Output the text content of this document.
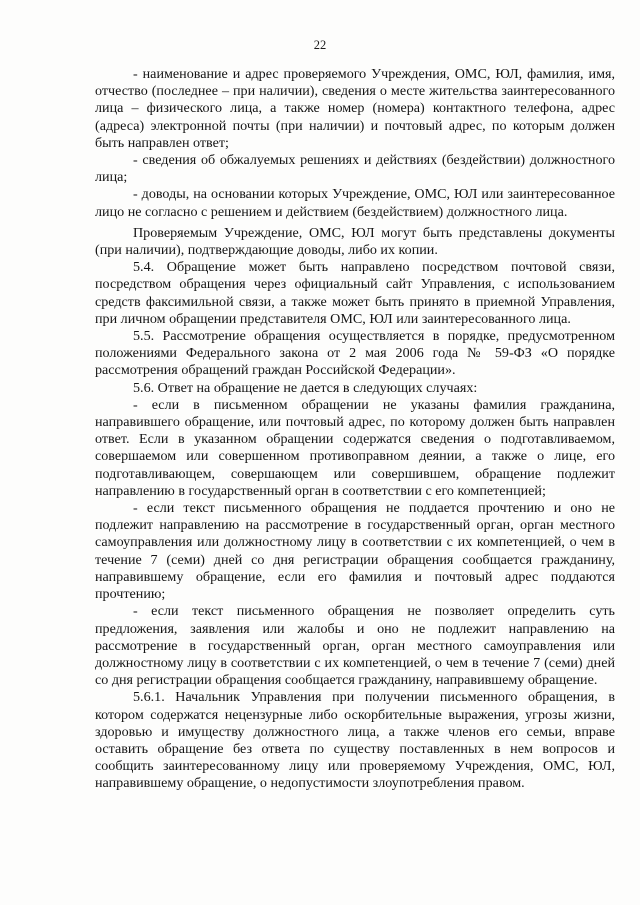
22

- наименование и адрес проверяемого Учреждения, ОМС, ЮЛ, фамилия, имя, отчество (последнее – при наличии), сведения о месте жительства заинтересованного лица – физического лица, а также номер (номера) контактного телефона, адрес (адреса) электронной почты (при наличии) и почтовый адрес, по которым должен быть направлен ответ;

- сведения об обжалуемых решениях и действиях (бездействии) должностного лица;

- доводы, на основании которых Учреждение, ОМС, ЮЛ или заинтересованное лицо не согласно с решением и действием (бездействием) должностного лица.

Проверяемым Учреждение, ОМС, ЮЛ могут быть представлены документы (при наличии), подтверждающие доводы, либо их копии.

5.4. Обращение может быть направлено посредством почтовой связи, посредством обращения через официальный сайт Управления, с использованием средств факсимильной связи, а также может быть принято в приемной Управления, при личном обращении представителя ОМС, ЮЛ или заинтересованного лица.

5.5. Рассмотрение обращения осуществляется в порядке, предусмотренном положениями Федерального закона от 2 мая 2006 года № 59-ФЗ «О порядке рассмотрения обращений граждан Российской Федерации».

5.6. Ответ на обращение не дается в следующих случаях:

- если в письменном обращении не указаны фамилия гражданина, направившего обращение, или почтовый адрес, по которому должен быть направлен ответ. Если в указанном обращении содержатся сведения о подготавливаемом, совершаемом или совершенном противоправном деянии, а также о лице, его подготавливающем, совершающем или совершившем, обращение подлежит направлению в государственный орган в соответствии с его компетенцией;

- если текст письменного обращения не поддается прочтению и оно не подлежит направлению на рассмотрение в государственный орган, орган местного самоуправления или должностному лицу в соответствии с их компетенцией, о чем в течение 7 (семи) дней со дня регистрации обращения сообщается гражданину, направившему обращение, если его фамилия и почтовый адрес поддаются прочтению;

- если текст письменного обращения не позволяет определить суть предложения, заявления или жалобы и оно не подлежит направлению на рассмотрение в государственный орган, орган местного самоуправления или должностному лицу в соответствии с их компетенцией, о чем в течение 7 (семи) дней со дня регистрации обращения сообщается гражданину, направившему обращение.

5.6.1. Начальник Управления при получении письменного обращения, в котором содержатся нецензурные либо оскорбительные выражения, угрозы жизни, здоровью и имуществу должностного лица, а также членов его семьи, вправе оставить обращение без ответа по существу поставленных в нем вопросов и сообщить заинтересованному лицу или проверяемому Учреждения, ОМС, ЮЛ, направившему обращение, о недопустимости злоупотребления правом.
